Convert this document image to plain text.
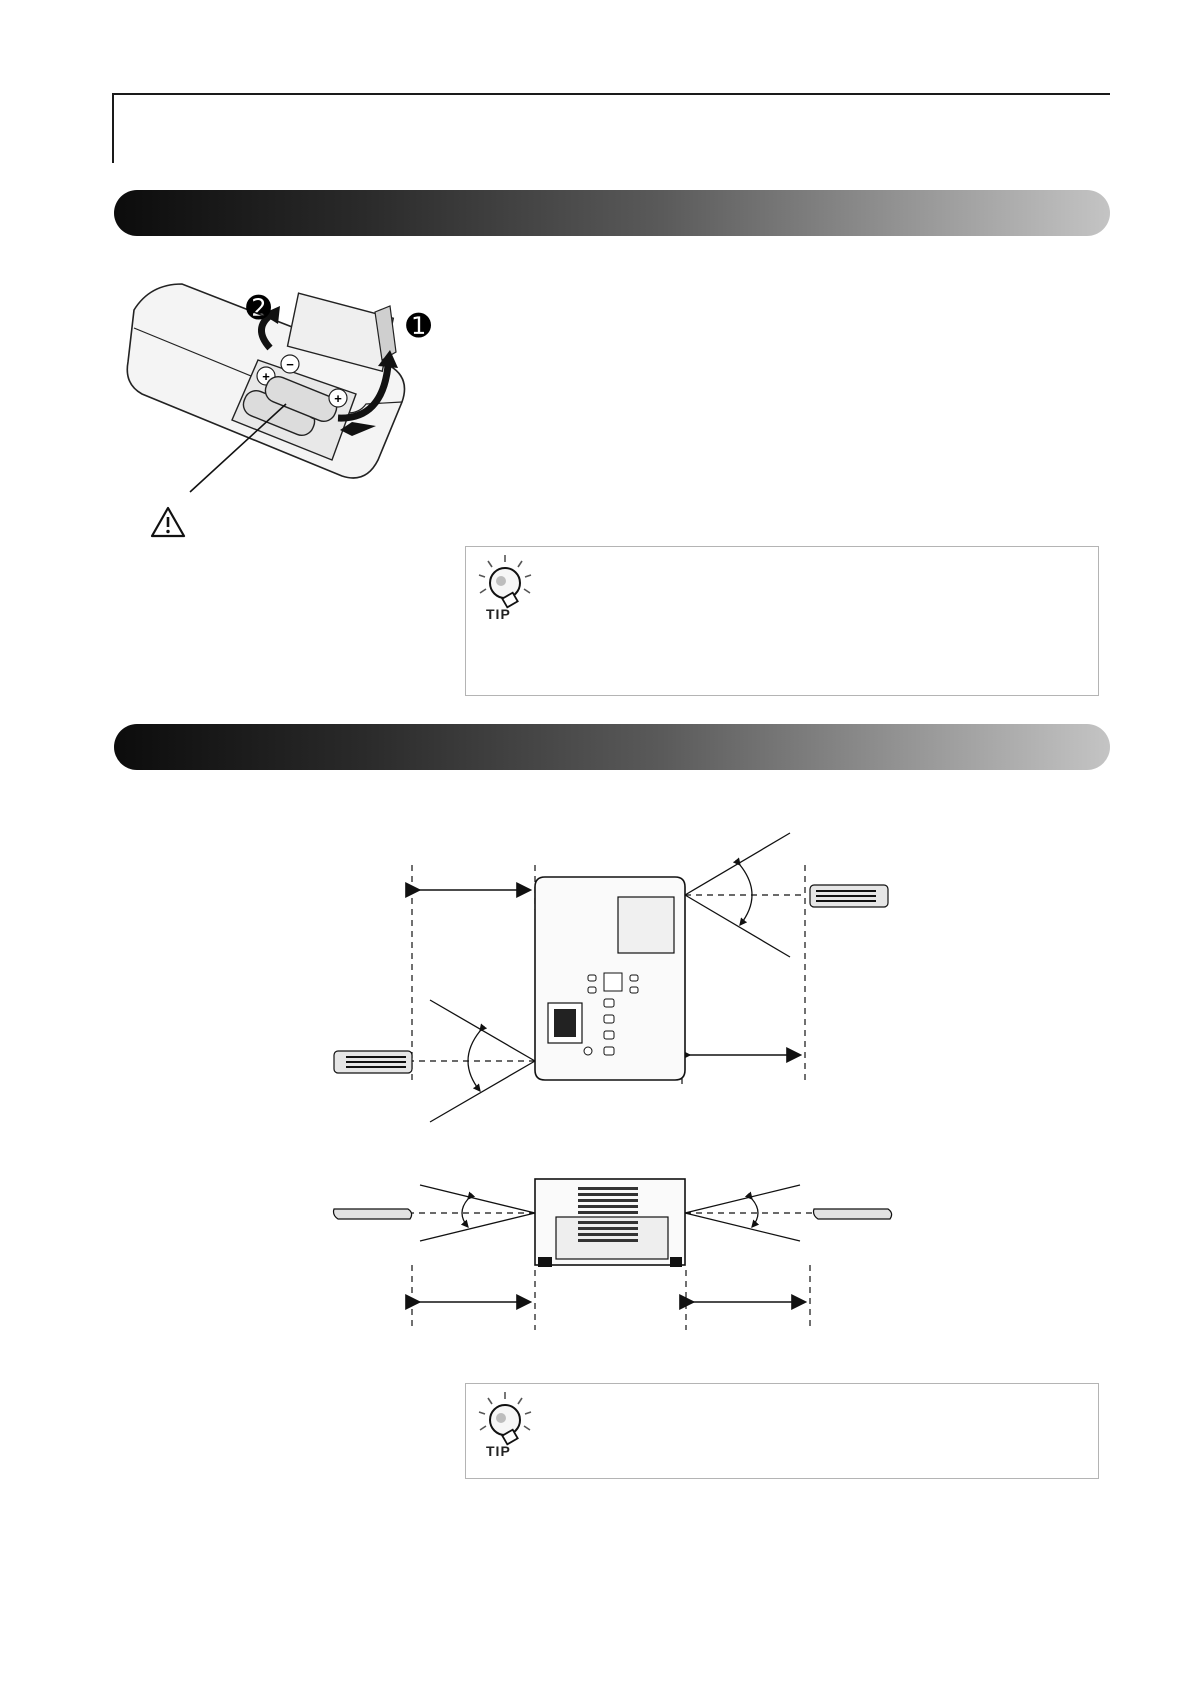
+
−
+
➋
➊
TIP
TIP
